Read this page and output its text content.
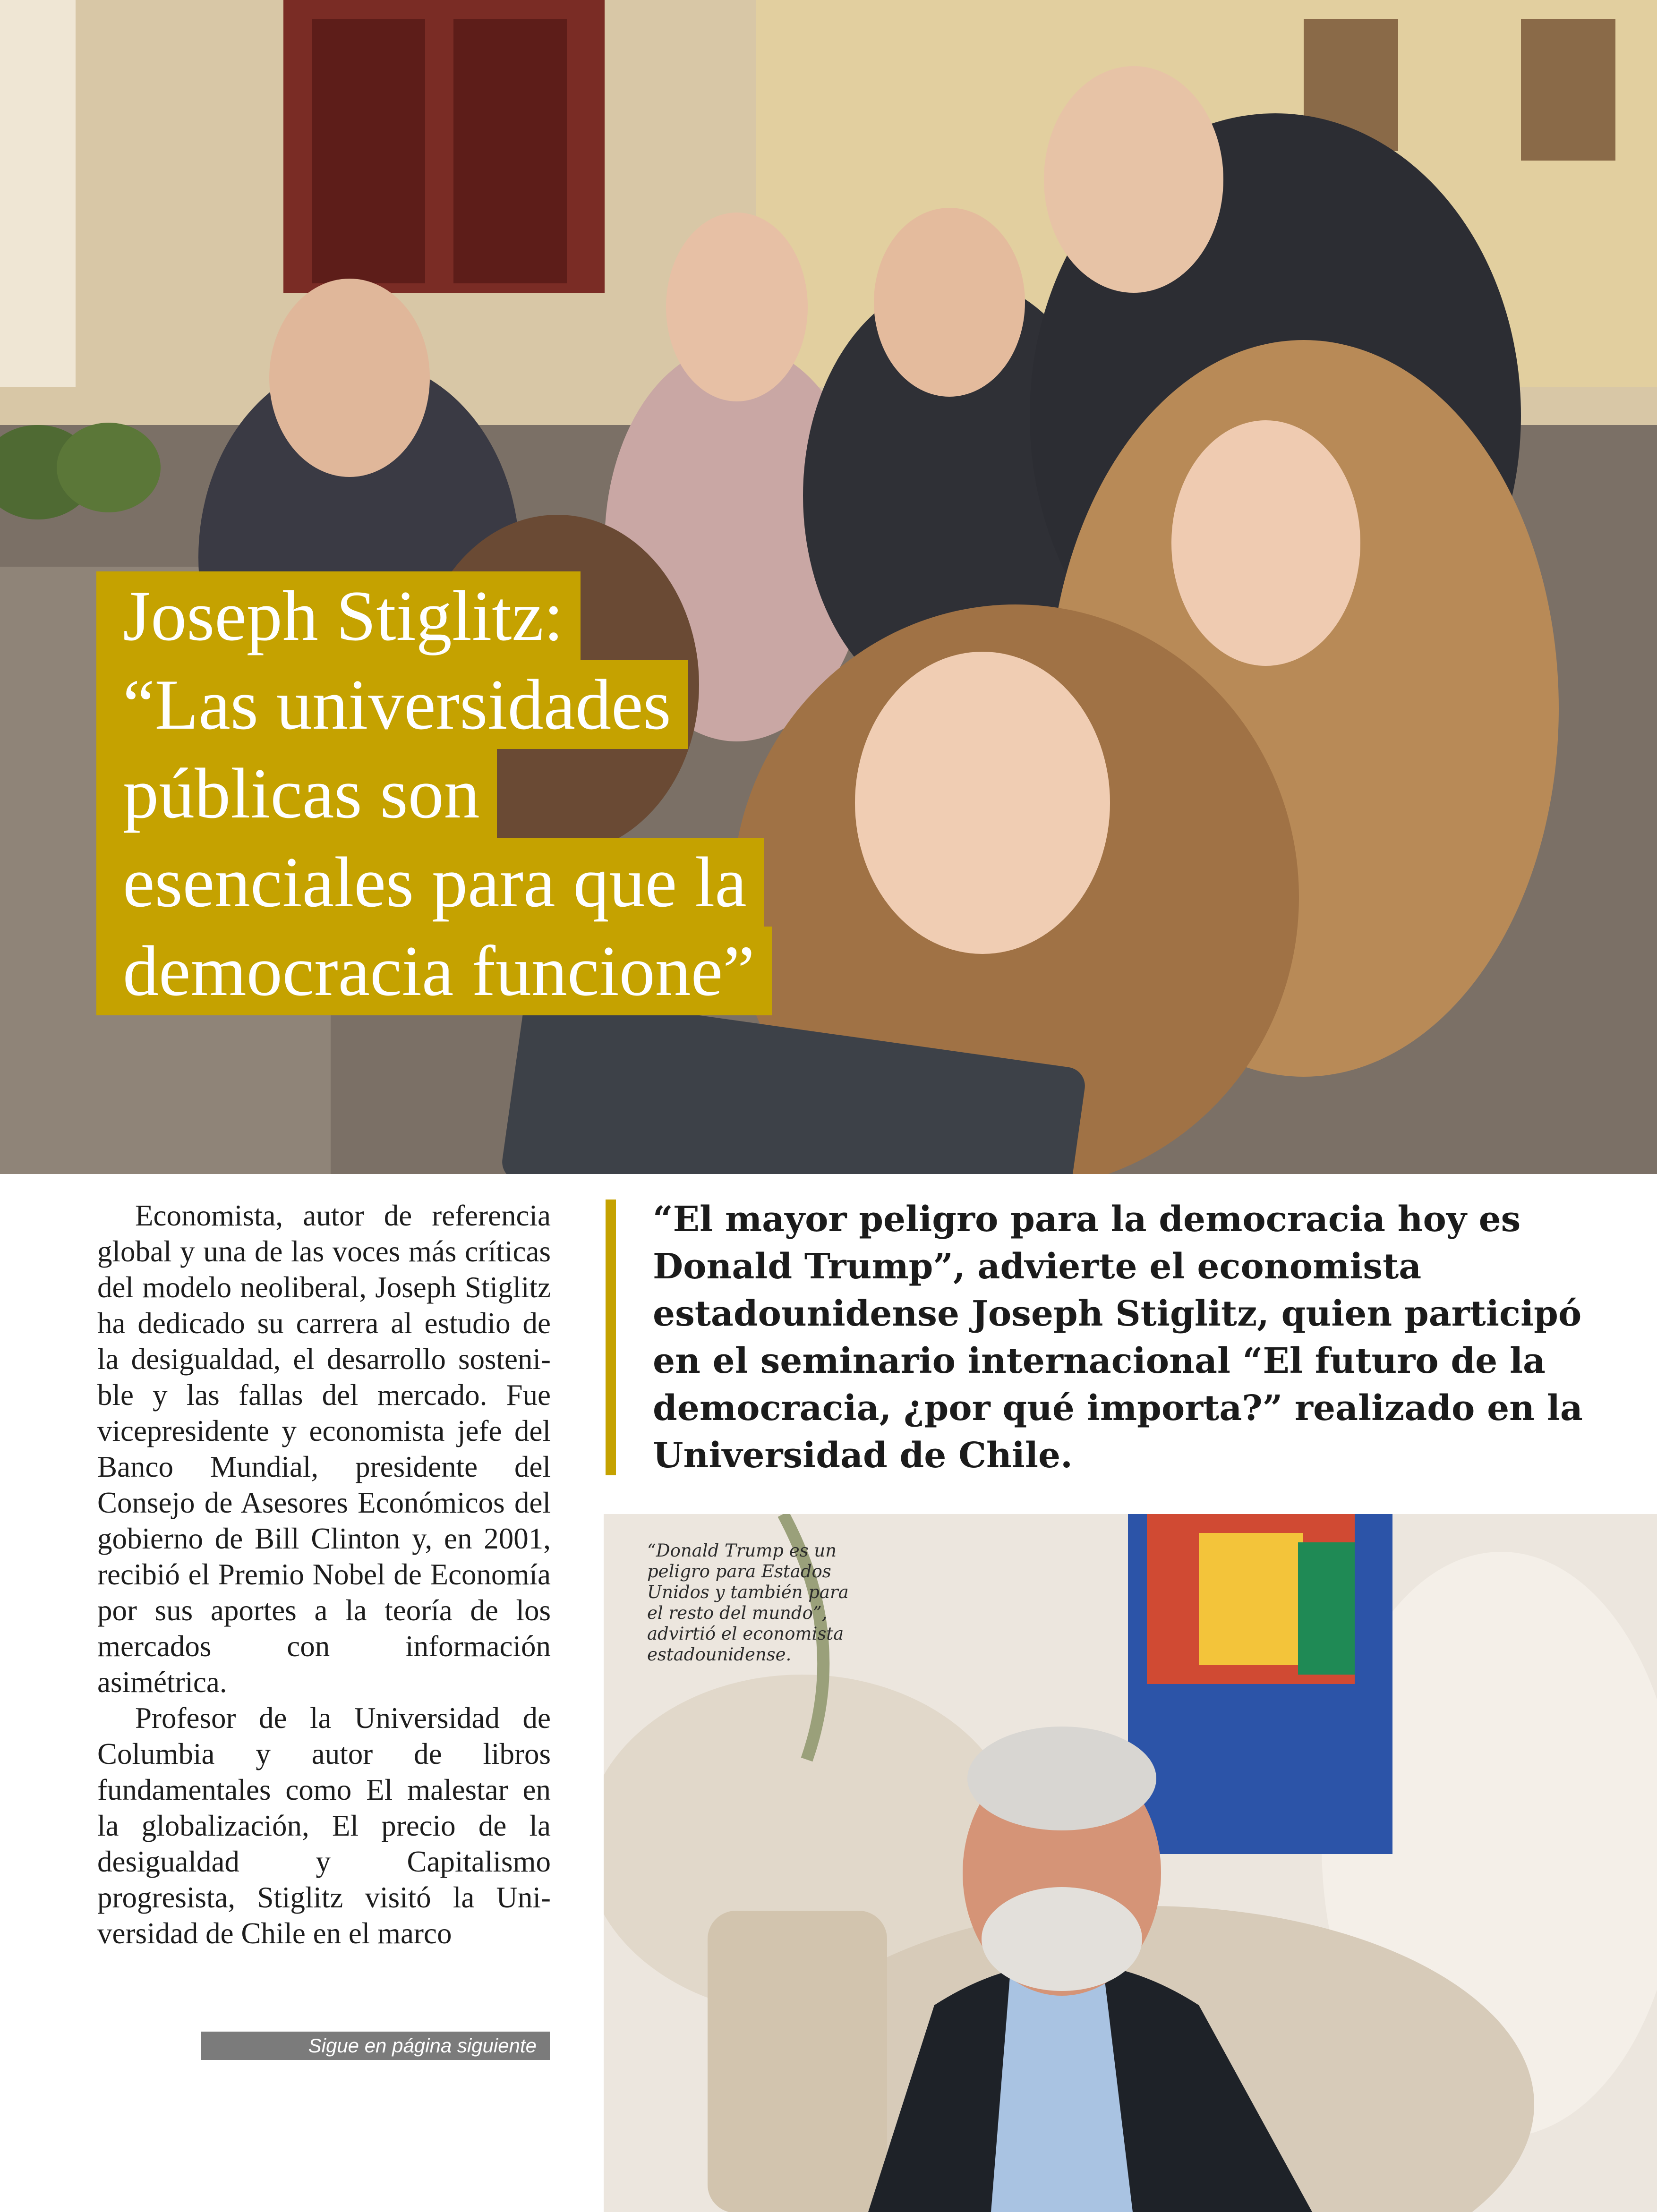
Joseph Stiglitz:
“Las universidades
públicas son
esenciales para que la
democracia funcione”

Economista, autor de referencia global y una de las voces más críticas del modelo neoliberal, Joseph Stiglitz ha dedicado su carrera al estudio de la desigualdad, el desarrollo sostenible y las fallas del mercado. Fue vicepresidente y economista jefe del Banco Mundial, presidente del Consejo de Asesores Económicos del gobierno de Bill Clinton y, en 2001, recibió el Premio Nobel de Economía por sus aportes a la teoría de los mercados con información asimétrica.

Profesor de la Universidad de Columbia y autor de libros fundamentales como El malestar en la globalización, El precio de la desigualdad y Capitalismo progresista, Stiglitz visitó la Universidad de Chile en el marco

Sigue en página siguiente

“El mayor peligro para la democracia hoy es Donald Trump”, advierte el economista estadounidense Joseph Stiglitz, quien participó en el seminario internacional “El futuro de la democracia, ¿por qué importa?” realizado en la Universidad de Chile.

“Donald Trump es un peligro para Estados Unidos y también para el resto del mundo”, advirtió el economista estadounidense.
